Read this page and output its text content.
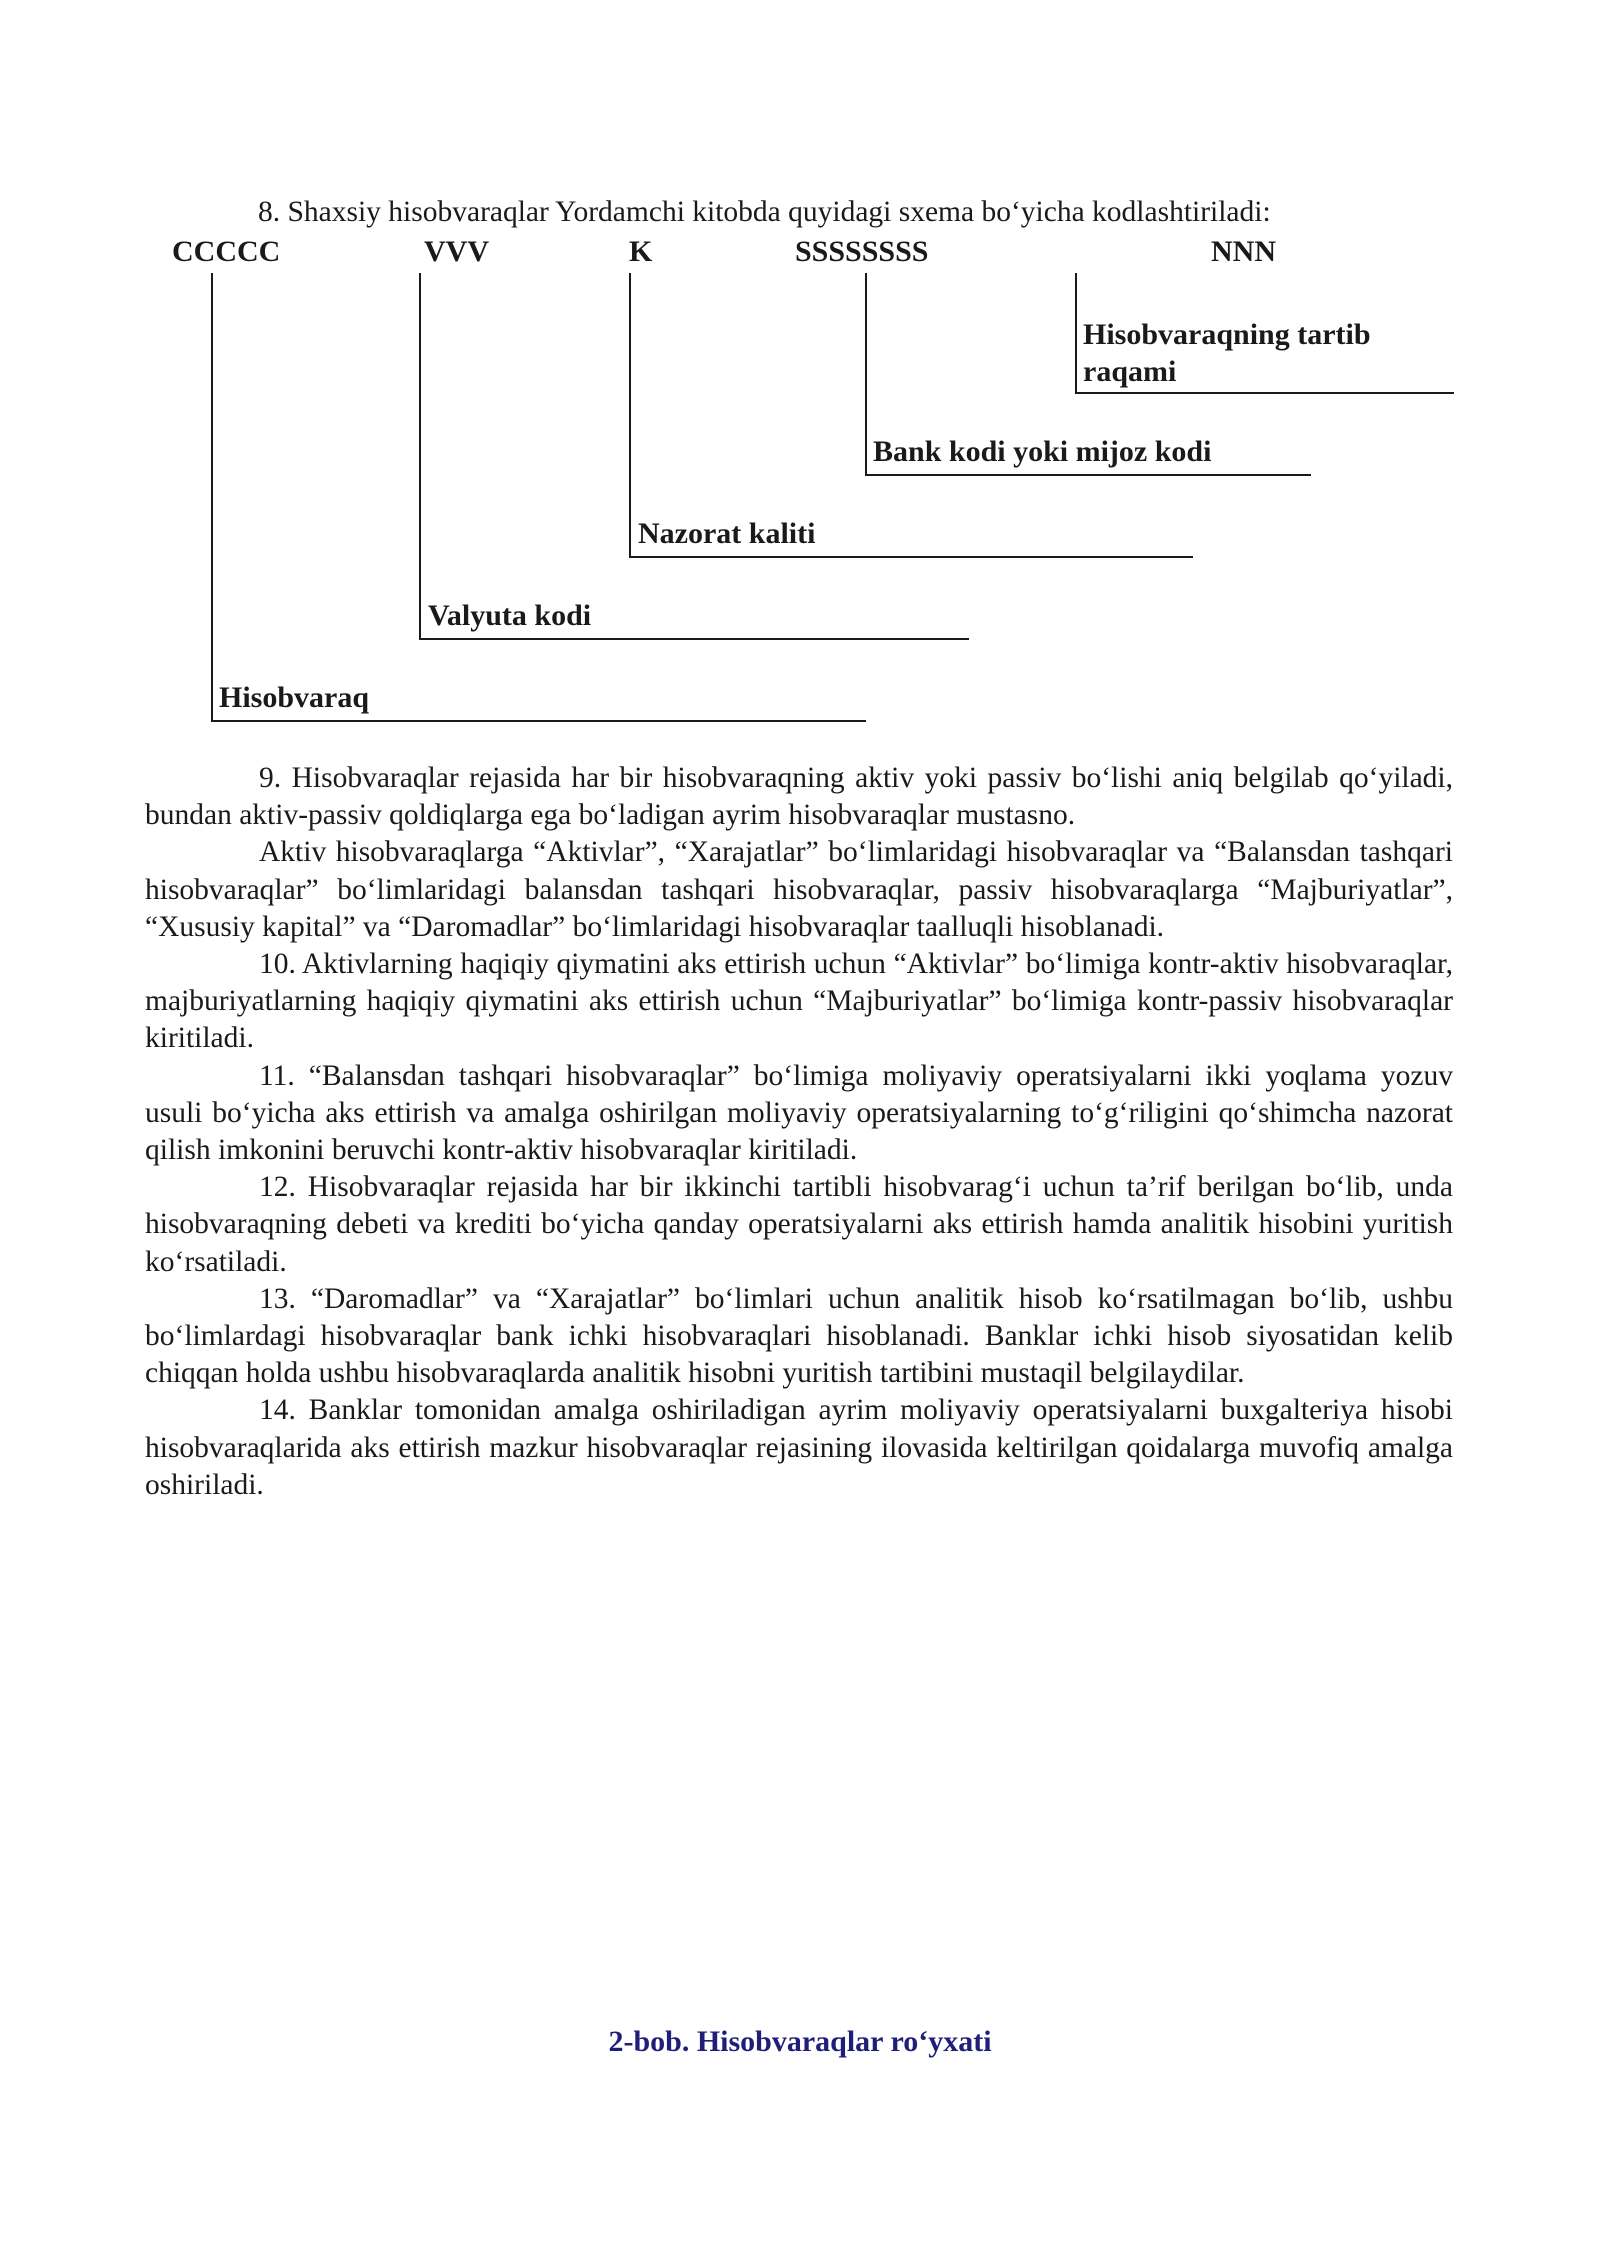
8. Shaxsiy hisobvaraqlar Yordamchi kitobda quyidagi sxema bo‘yicha kodlashtiriladi:
CCCCC	VVV	K	SSSSSSSS	NNN
Hisobvaraqning tartib raqami
Bank kodi yoki mijoz kodi
Nazorat kaliti
Valyuta kodi
Hisobvaraq

9. Hisobvaraqlar rejasida har bir hisobvaraqning aktiv yoki passiv bo‘lishi aniq belgilab qo‘yiladi, bundan aktiv-passiv qoldiqlarga ega bo‘ladigan ayrim hisobvaraqlar mustasno.

Aktiv hisobvaraqlarga “Aktivlar”, “Xarajatlar” bo‘limlaridagi hisobvaraqlar va “Balansdan tashqari hisobvaraqlar” bo‘limlaridagi balansdan tashqari hisobvaraqlar, passiv hisobvaraqlarga “Majburiyatlar”, “Xususiy kapital” va “Daromadlar” bo‘limlaridagi hisobvaraqlar taalluqli hisoblanadi.

10. Aktivlarning haqiqiy qiymatini aks ettirish uchun “Aktivlar” bo‘limiga kontr-aktiv hisobvaraqlar, majburiyatlarning haqiqiy qiymatini aks ettirish uchun “Majburiyatlar” bo‘limiga kontr-passiv hisobvaraqlar kiritiladi.

11. “Balansdan tashqari hisobvaraqlar” bo‘limiga moliyaviy operatsiyalarni ikki yoqlama yozuv usuli bo‘yicha aks ettirish va amalga oshirilgan moliyaviy operatsiyalarning to‘g‘riligini qo‘shimcha nazorat qilish imkonini beruvchi kontr-aktiv hisobvaraqlar kiritiladi.

12. Hisobvaraqlar rejasida har bir ikkinchi tartibli hisobvarag‘i uchun ta’rif berilgan bo‘lib, unda hisobvaraqning debeti va krediti bo‘yicha qanday operatsiyalarni aks ettirish hamda analitik hisobini yuritish ko‘rsatiladi.

13. “Daromadlar” va “Xarajatlar” bo‘limlari uchun analitik hisob ko‘rsatilmagan bo‘lib, ushbu bo‘limlardagi hisobvaraqlar bank ichki hisobvaraqlari hisoblanadi. Banklar ichki hisob siyosatidan kelib chiqqan holda ushbu hisobvaraqlarda analitik hisobni yuritish tartibini mustaqil belgilaydilar.

14. Banklar tomonidan amalga oshiriladigan ayrim moliyaviy operatsiyalarni buxgalteriya hisobi hisobvaraqlarida aks ettirish mazkur hisobvaraqlar rejasining ilovasida keltirilgan qoidalarga muvofiq amalga oshiriladi.

2-bob. Hisobvaraqlar ro‘yxati
